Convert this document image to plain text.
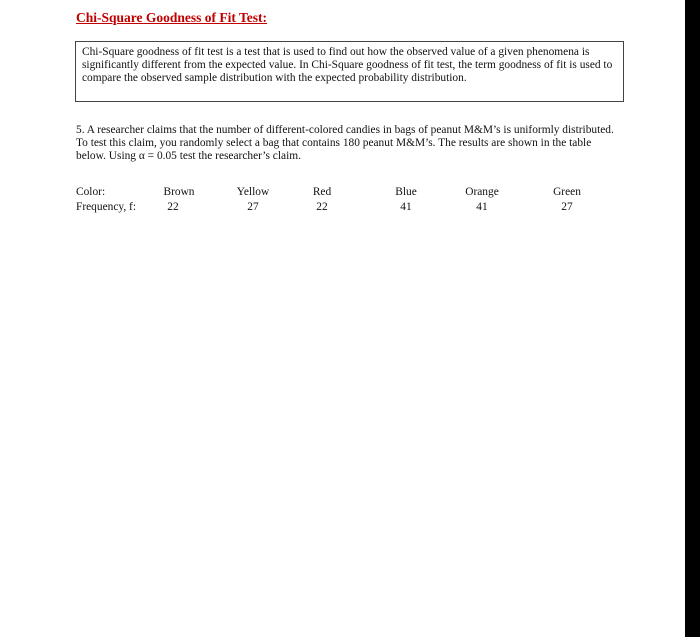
Chi-Square Goodness of Fit Test:

Chi-Square goodness of fit test is a test that is used to find out how the observed value of a given phenomena is significantly different from the expected value. In Chi-Square goodness of fit test, the term goodness of fit is used to compare the observed sample distribution with the expected probability distribution.

5. A researcher claims that the number of different-colored candies in bags of peanut M&M’s is uniformly distributed. To test this claim, you randomly select a bag that contains 180 peanut M&M’s. The results are shown in the table below. Using α = 0.05 test the researcher’s claim.

Color:	Brown	Yellow	Red	Blue	Orange	Green
Frequency, f:	22	27	22	41	41	27
